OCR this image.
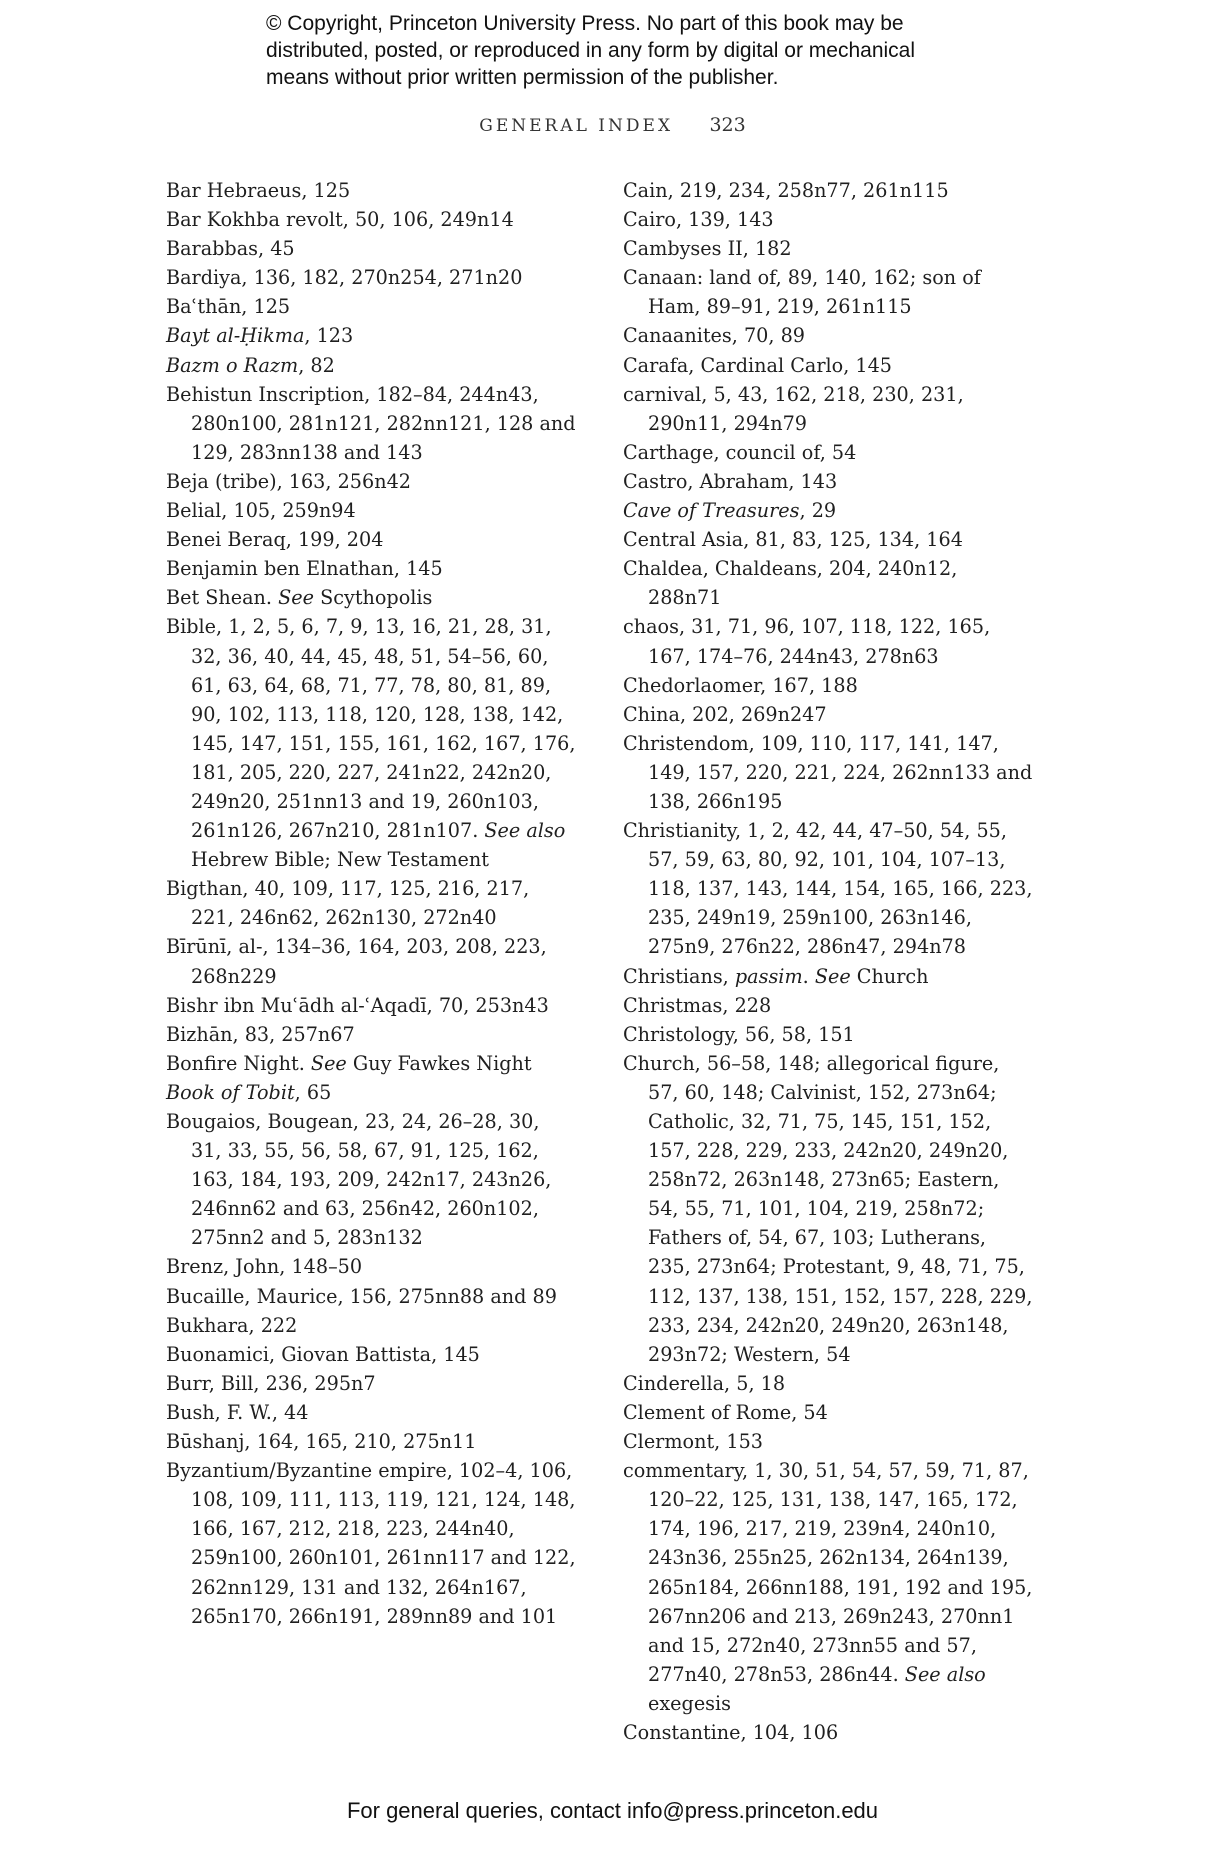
© Copyright, Princeton University Press. No part of this book may be
distributed, posted, or reproduced in any form by digital or mechanical
means without prior written permission of the publisher.
GENERAL INDEX 323
Bar Hebraeus, 125
Bar Kokhba revolt, 50, 106, 249n14
Barabbas, 45
Bardiya, 136, 182, 270n254, 271n20
Baʿthān, 125
Bayt al-Ḥikma, 123
Bazm o Razm, 82
Behistun Inscription, 182–84, 244n43, 280n100, 281n121, 282nn121, 128 and 129, 283nn138 and 143
Beja (tribe), 163, 256n42
Belial, 105, 259n94
Benei Beraq, 199, 204
Benjamin ben Elnathan, 145
Bet Shean. See Scythopolis
Bible, 1, 2, 5, 6, 7, 9, 13, 16, 21, 28, 31, 32, 36, 40, 44, 45, 48, 51, 54–56, 60, 61, 63, 64, 68, 71, 77, 78, 80, 81, 89, 90, 102, 113, 118, 120, 128, 138, 142, 145, 147, 151, 155, 161, 162, 167, 176, 181, 205, 220, 227, 241n22, 242n20, 249n20, 251nn13 and 19, 260n103, 261n126, 267n210, 281n107. See also Hebrew Bible; New Testament
Bigthan, 40, 109, 117, 125, 216, 217, 221, 246n62, 262n130, 272n40
Bīrūnī, al-, 134–36, 164, 203, 208, 223, 268n229
Bishr ibn Muʿādh al-ʿAqadī, 70, 253n43
Bizhān, 83, 257n67
Bonfire Night. See Guy Fawkes Night
Book of Tobit, 65
Bougaios, Bougean, 23, 24, 26–28, 30, 31, 33, 55, 56, 58, 67, 91, 125, 162, 163, 184, 193, 209, 242n17, 243n26, 246nn62 and 63, 256n42, 260n102, 275nn2 and 5, 283n132
Brenz, John, 148–50
Bucaille, Maurice, 156, 275nn88 and 89
Bukhara, 222
Buonamici, Giovan Battista, 145
Burr, Bill, 236, 295n7
Bush, F. W., 44
Būshanj, 164, 165, 210, 275n11
Byzantium/Byzantine empire, 102–4, 106, 108, 109, 111, 113, 119, 121, 124, 148, 166, 167, 212, 218, 223, 244n40, 259n100, 260n101, 261nn117 and 122, 262nn129, 131 and 132, 264n167, 265n170, 266n191, 289nn89 and 101
Cain, 219, 234, 258n77, 261n115
Cairo, 139, 143
Cambyses II, 182
Canaan: land of, 89, 140, 162; son of Ham, 89–91, 219, 261n115
Canaanites, 70, 89
Carafa, Cardinal Carlo, 145
carnival, 5, 43, 162, 218, 230, 231, 290n11, 294n79
Carthage, council of, 54
Castro, Abraham, 143
Cave of Treasures, 29
Central Asia, 81, 83, 125, 134, 164
Chaldea, Chaldeans, 204, 240n12, 288n71
chaos, 31, 71, 96, 107, 118, 122, 165, 167, 174–76, 244n43, 278n63
Chedorlaomer, 167, 188
China, 202, 269n247
Christendom, 109, 110, 117, 141, 147, 149, 157, 220, 221, 224, 262nn133 and 138, 266n195
Christianity, 1, 2, 42, 44, 47–50, 54, 55, 57, 59, 63, 80, 92, 101, 104, 107–13, 118, 137, 143, 144, 154, 165, 166, 223, 235, 249n19, 259n100, 263n146, 275n9, 276n22, 286n47, 294n78
Christians, passim. See Church
Christmas, 228
Christology, 56, 58, 151
Church, 56–58, 148; allegorical figure, 57, 60, 148; Calvinist, 152, 273n64; Catholic, 32, 71, 75, 145, 151, 152, 157, 228, 229, 233, 242n20, 249n20, 258n72, 263n148, 273n65; Eastern, 54, 55, 71, 101, 104, 219, 258n72; Fathers of, 54, 67, 103; Lutherans, 235, 273n64; Protestant, 9, 48, 71, 75, 112, 137, 138, 151, 152, 157, 228, 229, 233, 234, 242n20, 249n20, 263n148, 293n72; Western, 54
Cinderella, 5, 18
Clement of Rome, 54
Clermont, 153
commentary, 1, 30, 51, 54, 57, 59, 71, 87, 120–22, 125, 131, 138, 147, 165, 172, 174, 196, 217, 219, 239n4, 240n10, 243n36, 255n25, 262n134, 264n139, 265n184, 266nn188, 191, 192 and 195, 267nn206 and 213, 269n243, 270nn1 and 15, 272n40, 273nn55 and 57, 277n40, 278n53, 286n44. See also exegesis
Constantine, 104, 106
For general queries, contact info@press.princeton.edu
